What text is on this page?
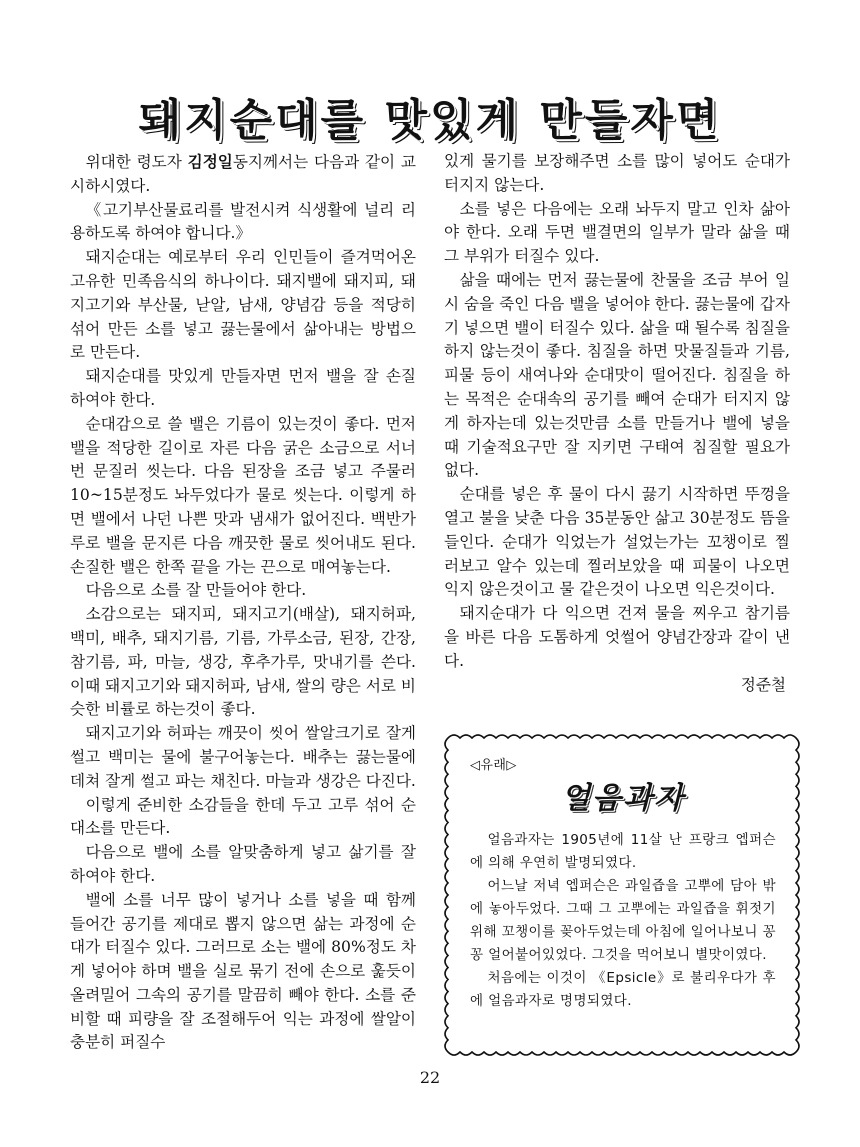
돼지순대를 맛있게 만들자면

위대한 령도자 김정일동지께서는 다음과 같이 교시하시였다.

《고기부산물료리를 발전시켜 식생활에 널리 리용하도록 하여야 합니다.》

돼지순대는 예로부터 우리 인민들이 즐겨먹어온 고유한 민족음식의 하나이다. 돼지밸에 돼지피, 돼지고기와 부산물, 낟알, 남새, 양념감 등을 적당히 섞어 만든 소를 넣고 끓는물에서 삶아내는 방법으로 만든다.

돼지순대를 맛있게 만들자면 먼저 밸을 잘 손질하여야 한다.

순대감으로 쓸 밸은 기름이 있는것이 좋다. 먼저 밸을 적당한 길이로 자른 다음 굵은 소금으로 서너번 문질러 씻는다. 다음 된장을 조금 넣고 주물러 10~15분정도 놔두었다가 물로 씻는다. 이렇게 하면 밸에서 나던 나쁜 맛과 냄새가 없어진다. 백반가루로 밸을 문지른 다음 깨끗한 물로 씻어내도 된다. 손질한 밸은 한쪽 끝을 가는 끈으로 매여놓는다.

다음으로 소를 잘 만들어야 한다.

소감으로는 돼지피, 돼지고기(배살), 돼지허파, 백미, 배추, 돼지기름, 기름, 가루소금, 된장, 간장, 참기름, 파, 마늘, 생강, 후추가루, 맛내기를 쓴다. 이때 돼지고기와 돼지허파, 남새, 쌀의 량은 서로 비슷한 비률로 하는것이 좋다.

돼지고기와 허파는 깨끗이 씻어 쌀알크기로 잘게 썰고 백미는 물에 불구어놓는다. 배추는 끓는물에 데쳐 잘게 썰고 파는 채친다. 마늘과 생강은 다진다.

이렇게 준비한 소감들을 한데 두고 고루 섞어 순대소를 만든다.

다음으로 밸에 소를 알맞춤하게 넣고 삶기를 잘하여야 한다.

밸에 소를 너무 많이 넣거나 소를 넣을 때 함께 들어간 공기를 제대로 뽑지 않으면 삶는 과정에 순대가 터질수 있다. 그러므로 소는 밸에 80%정도 차게 넣어야 하며 밸을 실로 묶기 전에 손으로 훑듯이 올려밀어 그속의 공기를 말끔히 빼야 한다. 소를 준비할 때 피량을 잘 조절해두어 익는 과정에 쌀알이 충분히 퍼질수

있게 물기를 보장해주면 소를 많이 넣어도 순대가 터지지 않는다.

소를 넣은 다음에는 오래 놔두지 말고 인차 삶아야 한다. 오래 두면 밸결면의 일부가 말라 삶을 때 그 부위가 터질수 있다.

삶을 때에는 먼저 끓는물에 찬물을 조금 부어 일시 숨을 죽인 다음 밸을 넣어야 한다. 끓는물에 갑자기 넣으면 밸이 터질수 있다. 삶을 때 될수록 침질을 하지 않는것이 좋다. 침질을 하면 맛물질들과 기름, 피물 등이 새여나와 순대맛이 떨어진다. 침질을 하는 목적은 순대속의 공기를 빼여 순대가 터지지 않게 하자는데 있는것만큼 소를 만들거나 밸에 넣을 때 기술적요구만 잘 지키면 구태여 침질할 필요가 없다.

순대를 넣은 후 물이 다시 끓기 시작하면 뚜껑을 열고 불을 낮춘 다음 35분동안 삶고 30분정도 뜸을 들인다. 순대가 익었는가 설었는가는 꼬챙이로 찔러보고 알수 있는데 찔러보았을 때 피물이 나오면 익지 않은것이고 물 같은것이 나오면 익은것이다.

돼지순대가 다 익으면 건져 물을 찌우고 참기름을 바른 다음 도톰하게 엇썰어 양념간장과 같이 낸다.

정준철

◁유래▷
얼음과자

얼음과자는 1905년에 11살 난 프랑크 엡퍼슨에 의해 우연히 발명되였다.

어느날 저녁 엡퍼슨은 과일즙을 고뿌에 담아 밖에 놓아두었다. 그때 그 고뿌에는 과일즙을 휘젓기 위해 꼬챙이를 꽂아두었는데 아침에 일어나보니 꽁꽁 얼어붙어있었다. 그것을 먹어보니 별맛이였다.

처음에는 이것이 《Epsicle》로 불리우다가 후에 얼음과자로 명명되였다.

22
